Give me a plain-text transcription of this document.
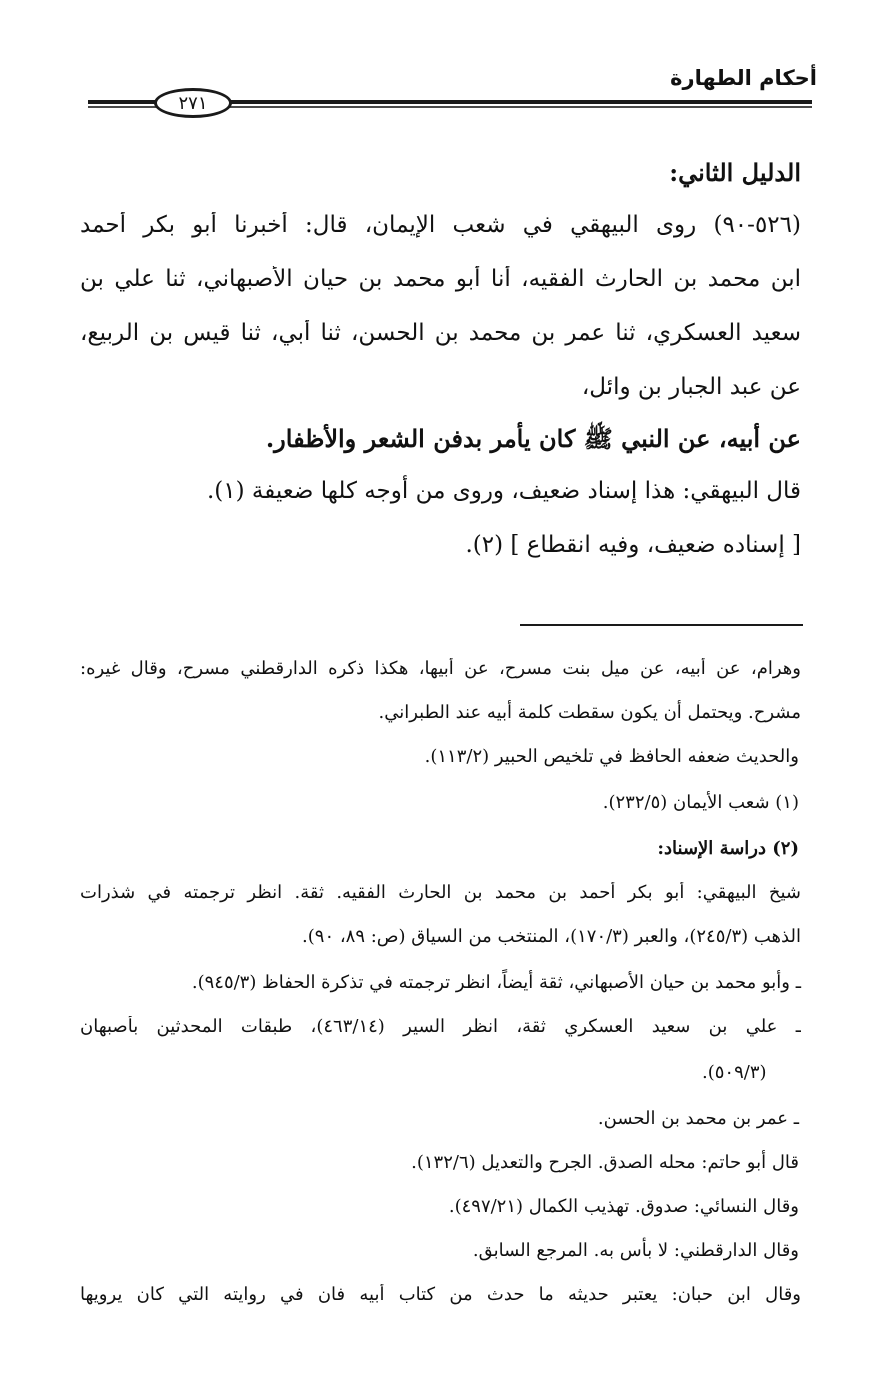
أحكام الطهارة
٢٧١
الدليل الثاني:
(٥٢٦-٩٠) روى البيهقي في شعب الإيمان، قال: أخبرنا أبو بكر أحمد
ابن محمد بن الحارث الفقيه، أنا أبو محمد بن حيان الأصبهاني، ثنا علي بن
سعيد العسكري، ثنا عمر بن محمد بن الحسن، ثنا أبي، ثنا قيس بن الربيع،
عن عبد الجبار بن وائل،
عن أبيه، عن النبي ﷺ كان يأمر بدفن الشعر والأظفار.
قال البيهقي: هذا إسناد ضعيف، وروى من أوجه كلها ضعيفة (١).
[ إسناده ضعيف، وفيه انقطاع ] (٢).
وهرام، عن أبيه، عن ميل بنت مسرح، عن أبيها، هكذا ذكره الدارقطني مسرح، وقال غيره:
مشرح. ويحتمل أن يكون سقطت كلمة أبيه عند الطبراني.
والحديث ضعفه الحافظ في تلخيص الحبير (١١٣/٢).
(١) شعب الأيمان (٢٣٢/٥).
(٢) دراسة الإسناد:
شيخ البيهقي: أبو بكر أحمد بن محمد بن الحارث الفقيه. ثقة. انظر ترجمته في شذرات
الذهب (٢٤٥/٣)، والعبر (١٧٠/٣)، المنتخب من السياق (ص: ٨٩، ٩٠).
ـ وأبو محمد بن حيان الأصبهاني، ثقة أيضاً، انظر ترجمته في تذكرة الحفاظ (٩٤٥/٣).
ـ علي بن سعيد العسكري ثقة، انظر السير (٤٦٣/١٤)، طبقات المحدثين بأصبهان
(٥٠٩/٣).
ـ عمر بن محمد بن الحسن.
قال أبو حاتم: محله الصدق. الجرح والتعديل (١٣٢/٦).
وقال النسائي: صدوق. تهذيب الكمال (٤٩٧/٢١).
وقال الدارقطني: لا بأس به. المرجع السابق.
وقال ابن حبان: يعتبر حديثه ما حدث من كتاب أبيه فان في روايته التي كان يرويها
